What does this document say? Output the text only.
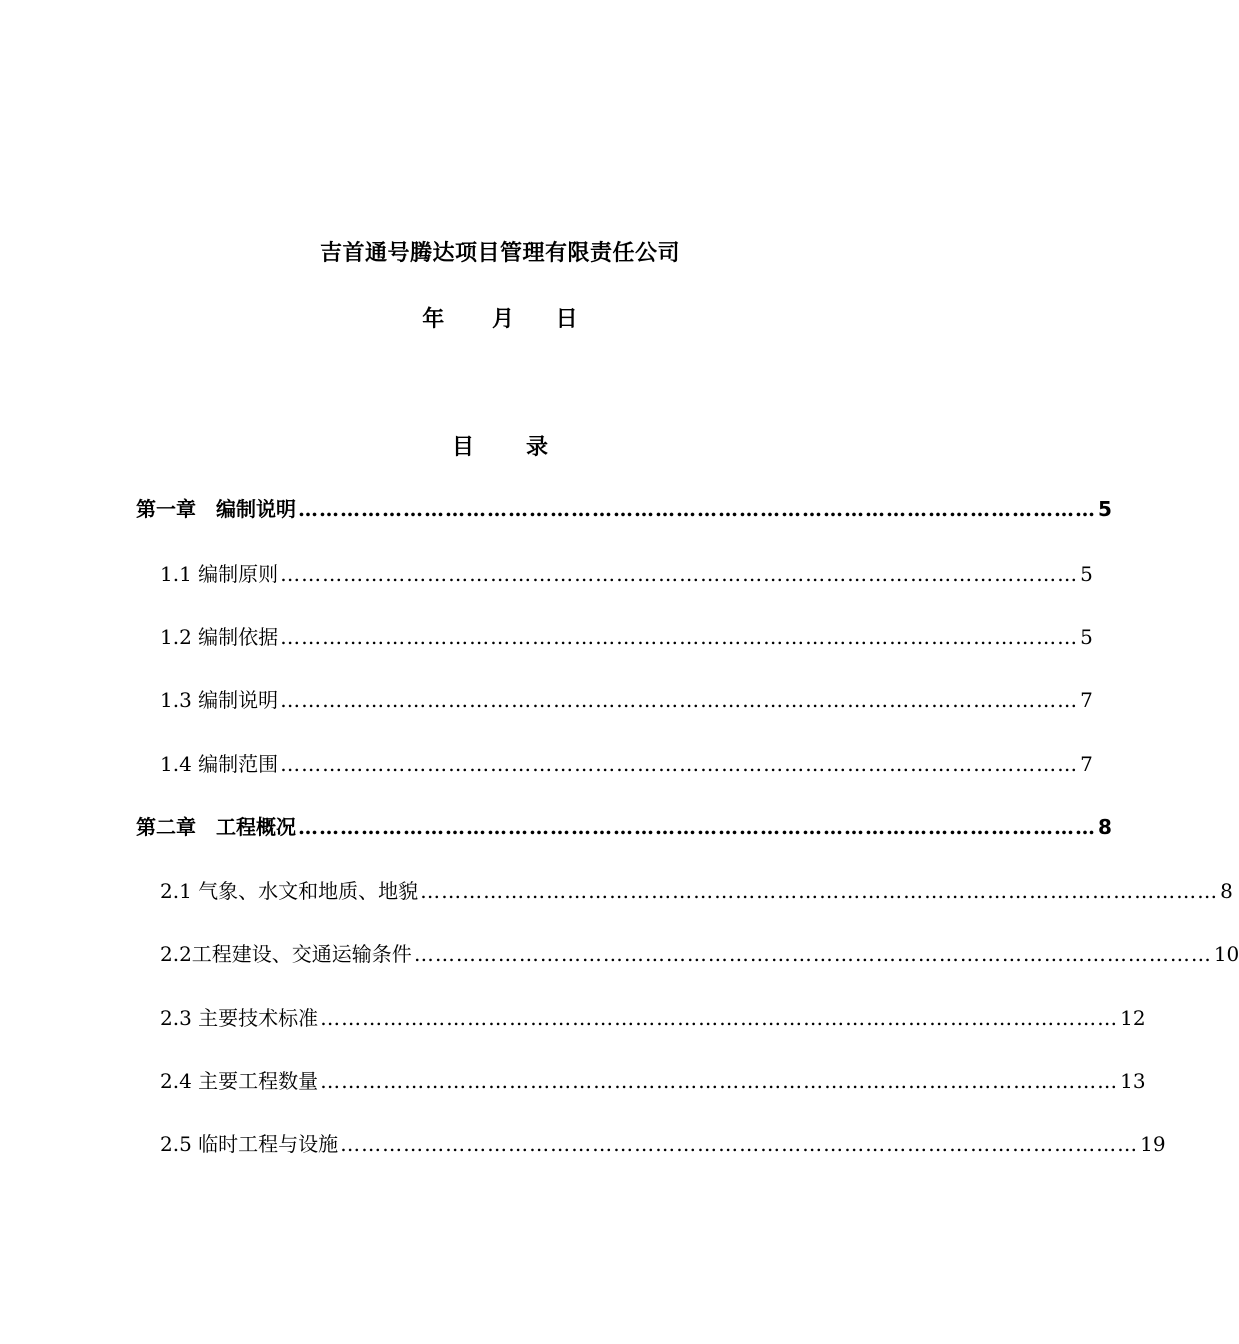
吉首通号腾达项目管理有限责任公司
年 月 日
目 录
第一章　编制说明 …………………………………………………………………………………………………… 5
1.1 编制原则 …………………………………………………………………………………………………… 5
1.2 编制依据 …………………………………………………………………………………………………… 5
1.3 编制说明 …………………………………………………………………………………………………… 7
1.4 编制范围 …………………………………………………………………………………………………… 7
第二章　工程概况 …………………………………………………………………………………………………… 8
2.1 气象、水文和地质、地貌 …………………………………………………………………………………………………… 8
2.2工程建设、交通运输条件 …………………………………………………………………………………………………… 10
2.3 主要技术标准 …………………………………………………………………………………………………… 12
2.4 主要工程数量 …………………………………………………………………………………………………… 13
2.5 临时工程与设施 …………………………………………………………………………………………………… 19
